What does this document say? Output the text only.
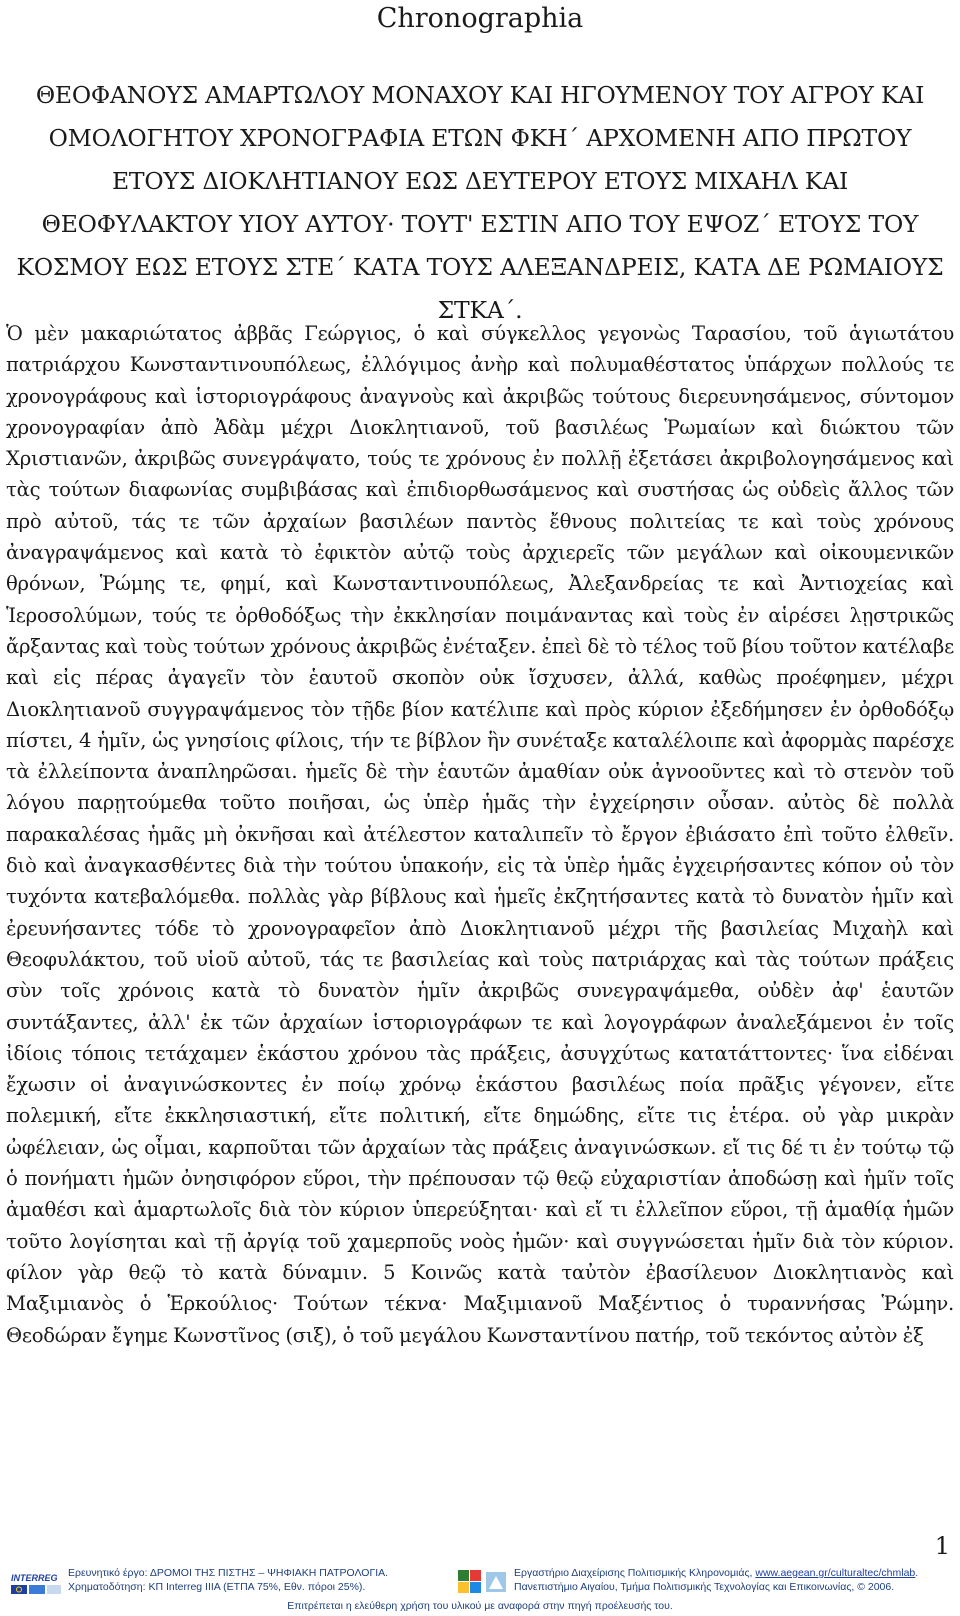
Chronographia

ΘΕΟΦΑΝΟΥΣ ΑΜΑΡΤΩΛΟΥ ΜΟΝΑΧΟΥ ΚΑΙ ΗΓΟΥΜΕΝΟΥ ΤΟΥ ΑΓΡΟΥ ΚΑΙ ΟΜΟΛΟΓΗΤΟΥ ΧΡΟΝΟΓΡΑΦΙΑ ΕΤΩΝ ΦΚΗ΄ ΑΡΧΟΜΕΝΗ ΑΠΟ ΠΡΩΤΟΥ ΕΤΟΥΣ ΔΙΟΚΛΗΤΙΑΝΟΥ ΕΩΣ ΔΕΥΤΕΡΟΥ ΕΤΟΥΣ ΜΙΧΑΗΛ ΚΑΙ ΘΕΟΦΥΛΑΚΤΟΥ ΥΙΟΥ ΑΥΤΟΥ· ΤΟΥΤ' ΕΣΤΙΝ ΑΠΟ ΤΟΥ ΕΨΟΖ΄ ΕΤΟΥΣ ΤΟΥ ΚΟΣΜΟΥ ΕΩΣ ΕΤΟΥΣ ΣΤΕ΄ ΚΑΤΑ ΤΟΥΣ ΑΛΕΞΑΝΔΡΕΙΣ, ΚΑΤΑ ΔΕ ΡΩΜΑΙΟΥΣ ΣΤΚΑ΄.

Ὁ μὲν μακαριώτατος ἀββᾶς Γεώργιος, ὁ καὶ σύγκελλος γεγονὼς Ταρασίου, τοῦ ἁγιωτάτου πατριάρχου Κωνσταντινουπόλεως, ἐλλόγιμος ἀνὴρ καὶ πολυμαθέστατος ὑπάρχων πολλούς τε χρονογράφους καὶ ἱστοριογράφους ἀναγνοὺς καὶ ἀκριβῶς τούτους διερευνησάμενος, σύντομον χρονογραφίαν ἀπὸ Ἀδὰμ μέχρι Διοκλητιανοῦ, τοῦ βασιλέως Ῥωμαίων καὶ διώκτου τῶν Χριστιανῶν, ἀκριβῶς συνεγράψατο, τούς τε χρόνους ἐν πολλῇ ἐξετάσει ἀκριβολογησάμενος καὶ τὰς τούτων διαφωνίας συμβιβάσας καὶ ἐπιδιορθωσάμενος καὶ συστήσας ὡς οὐδεὶς ἄλλος τῶν πρὸ αὐτοῦ, τάς τε τῶν ἀρχαίων βασιλέων παντὸς ἔθνους πολιτείας τε καὶ τοὺς χρόνους ἀναγραψάμενος καὶ κατὰ τὸ ἐφικτὸν αὐτῷ τοὺς ἀρχιερεῖς τῶν μεγάλων καὶ οἰκουμενικῶν θρόνων, Ῥώμης τε, φημί, καὶ Κωνσταντινουπόλεως, Ἀλεξανδρείας τε καὶ Ἀντιοχείας καὶ Ἱεροσολύμων, τούς τε ὀρθοδόξως τὴν ἐκκλησίαν ποιμάναντας καὶ τοὺς ἐν αἱρέσει λῃστρικῶς ἄρξαντας καὶ τοὺς τούτων χρόνους ἀκριβῶς ἐνέταξεν. ἐπεὶ δὲ τὸ τέλος τοῦ βίου τοῦτον κατέλαβε καὶ εἰς πέρας ἀγαγεῖν τὸν ἑαυτοῦ σκοπὸν οὐκ ἴσχυσεν, ἀλλά, καθὼς προέφημεν, μέχρι Διοκλητιανοῦ συγγραψάμενος τὸν τῇδε βίον κατέλιπε καὶ πρὸς κύριον ἐξεδήμησεν ἐν ὀρθοδόξῳ πίστει, 4 ἡμῖν, ὡς γνησίοις φίλοις, τήν τε βίβλον ἣν συνέταξε καταλέλοιπε καὶ ἀφορμὰς παρέσχε τὰ ἐλλείποντα ἀναπληρῶσαι. ἡμεῖς δὲ τὴν ἑαυτῶν ἀμαθίαν οὐκ ἀγνοοῦντες καὶ τὸ στενὸν τοῦ λόγου παρῃτούμεθα τοῦτο ποιῆσαι, ὡς ὑπὲρ ἡμᾶς τὴν ἐγχείρησιν οὖσαν. αὐτὸς δὲ πολλὰ παρακαλέσας ἡμᾶς μὴ ὀκνῆσαι καὶ ἀτέλεστον καταλιπεῖν τὸ ἔργον ἐβιάσατο ἐπὶ τοῦτο ἐλθεῖν. διὸ καὶ ἀναγκασθέντες διὰ τὴν τούτου ὑπακοήν, εἰς τὰ ὑπὲρ ἡμᾶς ἐγχειρήσαντες κόπον οὐ τὸν τυχόντα κατεβαλόμεθα. πολλὰς γὰρ βίβλους καὶ ἡμεῖς ἐκζητήσαντες κατὰ τὸ δυνατὸν ἡμῖν καὶ ἐρευνήσαντες τόδε τὸ χρονογραφεῖον ἀπὸ Διοκλητιανοῦ μέχρι τῆς βασιλείας Μιχαὴλ καὶ Θεοφυλάκτου, τοῦ υἱοῦ αὐτοῦ, τάς τε βασιλείας καὶ τοὺς πατριάρχας καὶ τὰς τούτων πράξεις σὺν τοῖς χρόνοις κατὰ τὸ δυνατὸν ἡμῖν ἀκριβῶς συνεγραψάμεθα, οὐδὲν ἀφ' ἑαυτῶν συντάξαντες, ἀλλ' ἐκ τῶν ἀρχαίων ἱστοριογράφων τε καὶ λογογράφων ἀναλεξάμενοι ἐν τοῖς ἰδίοις τόποις τετάχαμεν ἑκάστου χρόνου τὰς πράξεις, ἀσυγχύτως κατατάττοντες· ἵνα εἰδέναι ἔχωσιν οἱ ἀναγινώσκοντες ἐν ποίῳ χρόνῳ ἑκάστου βασιλέως ποία πρᾶξις γέγονεν, εἴτε πολεμική, εἴτε ἐκκλησιαστική, εἴτε πολιτική, εἴτε δημώδης, εἴτε τις ἑτέρα. οὐ γὰρ μικρὰν ὠφέλειαν, ὡς οἶμαι, καρποῦται τῶν ἀρχαίων τὰς πράξεις ἀναγινώσκων. εἴ τις δέ τι ἐν τούτῳ τῷ ὁ πονήματι ἡμῶν ὀνησιφόρον εὕροι, τὴν πρέπουσαν τῷ θεῷ εὐχαριστίαν ἀποδώσῃ καὶ ἡμῖν τοῖς ἀμαθέσι καὶ ἁμαρτωλοῖς διὰ τὸν κύριον ὑπερεύξηται· καὶ εἴ τι ἐλλεῖπον εὕροι, τῇ ἀμαθίᾳ ἡμῶν τοῦτο λογίσηται καὶ τῇ ἀργίᾳ τοῦ χαμερποῦς νοὸς ἡμῶν· καὶ συγγνώσεται ἡμῖν διὰ τὸν κύριον. φίλον γὰρ θεῷ τὸ κατὰ δύναμιν. 5 Κοινῶς κατὰ ταὐτὸν ἐβασίλευον Διοκλητιανὸς καὶ Μαξιμιανὸς ὁ Ἑρκούλιος· Τούτων τέκνα· Μαξιμιανοῦ Μαξέντιος ὁ τυραννήσας Ῥώμην. Θεοδώραν ἔγημε Κωνστῖνος (σιξ), ὁ τοῦ μεγάλου Κωνσταντίνου πατήρ, τοῦ τεκόντος αὐτὸν ἐξ

1

INTERREG Ερευνητικό έργο: ΔΡΟΜΟΙ ΤΗΣ ΠΙΣΤΗΣ – ΨΗΦΙΑΚΗ ΠΑΤΡΟΛΟΓΙΑ.
Χρηματοδότηση: ΚΠ Interreg IIIA (ΕΤΠΑ 75%, Εθν. πόροι 25%).
Εργαστήριο Διαχείρισης Πολιτισμικής Κληρονομιάς, www.aegean.gr/culturaltec/chmlab.
Πανεπιστήμιο Αιγαίου, Τμήμα Πολιτισμικής Τεχνολογίας και Επικοινωνίας, © 2006.
Επιτρέπεται η ελεύθερη χρήση του υλικού με αναφορά στην πηγή προέλευσής του.
